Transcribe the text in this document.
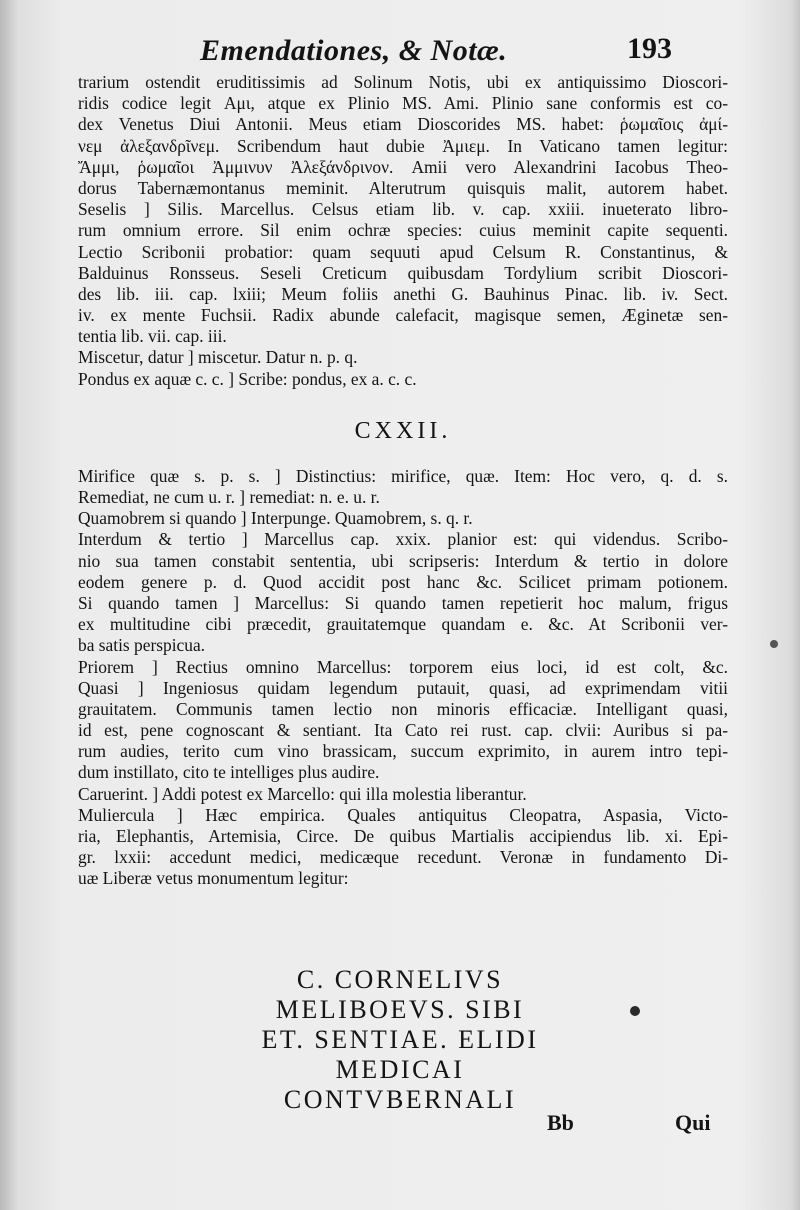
Emendationes, & Notæ.	193
trarium ostendit eruditissimis ad Solinum Notis, ubi ex antiquissimo Dioscori-
ridis codice legit Αμι, atque ex Plinio MS. Ami. Plinio sane conformis est co-
dex Venetus Diui Antonii. Meus etiam Dioscorides MS. habet: ῥωμαῖοις ἀμί-
νεμ ἀλεξανδρῖνεμ. Scribendum haut dubie Ἀμιεμ. In Vaticano tamen legitur:
Ἄμμι, ῥωμαῖοι Ἀμμινυν Ἀλεξάνδρινον. Amii vero Alexandrini Iacobus Theo-
dorus Tabernæmontanus meminit. Alterutrum quisquis malit, autorem habet.
Seselis ] Silis. Marcellus. Celsus etiam lib. v. cap. xxiii. inueterato libro-
rum omnium errore. Sil enim ochræ species: cuius meminit capite sequenti.
Lectio Scribonii probatior: quam sequuti apud Celsum R. Constantinus, &
Balduinus Ronsseus. Seseli Creticum quibusdam Tordylium scribit Dioscori-
des lib. iii. cap. lxiii; Meum foliis anethi G. Bauhinus Pinac. lib. iv. Sect.
iv. ex mente Fuchsii. Radix abunde calefacit, magisque semen, Æginetæ sen-
tentia lib. vii. cap. iii.
Miscetur, datur ] miscetur. Datur n. p. q.
Pondus ex aquæ c. c. ] Scribe: pondus, ex a. c. c.
CXXII.
Mirifice quæ s. p. s. ] Distinctius: mirifice, quæ. Item: Hoc vero, q. d. s.
Remediat, ne cum u. r. ] remediat: n. e. u. r.
Quamobrem si quando ] Interpunge. Quamobrem, s. q. r.
Interdum & tertio ] Marcellus cap. xxix. planior est: qui videndus. Scribo-
nio sua tamen constabit sententia, ubi scripseris: Interdum & tertio in dolore
eodem genere p. d. Quod accidit post hanc &c. Scilicet primam potionem.
Si quando tamen ] Marcellus: Si quando tamen repetierit hoc malum, frigus
ex multitudine cibi præcedit, grauitatemque quandam e. &c. At Scribonii ver-
ba satis perspicua.
Priorem ] Rectius omnino Marcellus: torporem eius loci, id est colt, &c.
Quasi ] Ingeniosus quidam legendum putauit, quasi, ad exprimendam vitii
grauitatem. Communis tamen lectio non minoris efficaciæ. Intelligant quasi,
id est, pene cognoscant & sentiant. Ita Cato rei rust. cap. clvii: Auribus si pa-
rum audies, terito cum vino brassicam, succum exprimito, in aurem intro tepi-
dum instillato, cito te intelliges plus audire.
Caruerint. ] Addi potest ex Marcello: qui illa molestia liberantur.
Muliercula ] Hæc empirica. Quales antiquitus Cleopatra, Aspasia, Victo-
ria, Elephantis, Artemisia, Circe. De quibus Martialis accipiendus lib. xi. Epi-
gr. lxxii: accedunt medici, medicæque recedunt. Veronæ in fundamento Di-
uæ Liberæ vetus monumentum legitur:
C. CORNELIVS
MELIBOEVS. SIBI
ET. SENTIAE. ELIDI
MEDICAI
CONTVBERNALI
Bb	Qui
